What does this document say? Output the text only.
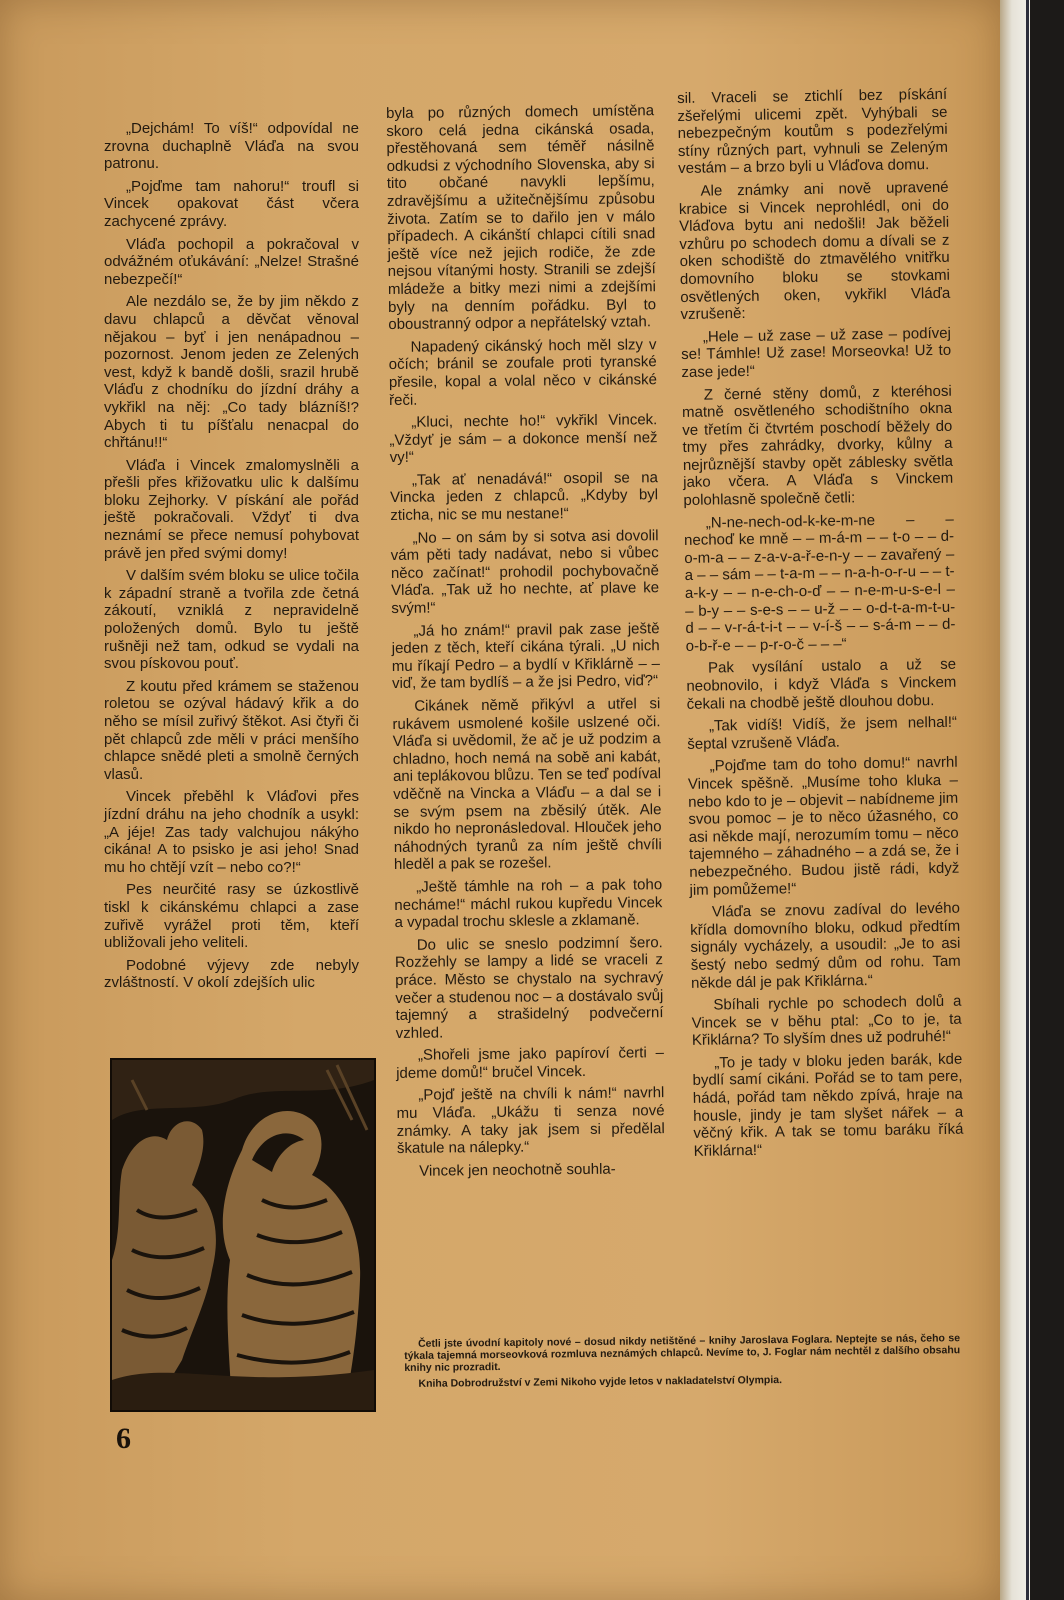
„Dejchám! To víš!“ odpovídal ne zrovna duchaplně Vláďa na svou patronu.

„Pojďme tam nahoru!“ troufl si Vincek opakovat část včera zachycené zprávy.

Vláďa pochopil a pokračoval v odvážném oťukávání: „Nelze! Strašné nebezpečí!“

Ale nezdálo se, že by jim někdo z davu chlapců a děvčat věnoval nějakou – byť i jen nenápadnou – pozornost. Jenom jeden ze Zelených vest, když k bandě došli, srazil hrubě Vláďu z chodníku do jízdní dráhy a vykřikl na něj: „Co tady blázníš!? Abych ti tu píšťalu nenacpal do chřtánu!!“

Vláďa i Vincek zmalomyslněli a přešli přes křižovatku ulic k dalšímu bloku Zejhorky. V pískání ale pořád ještě pokračovali. Vždyť ti dva neznámí se přece nemusí pohybovat právě jen před svými domy!

V dalším svém bloku se ulice točila k západní straně a tvořila zde četná zákoutí, vzniklá z nepravidelně položených domů. Bylo tu ještě rušněji než tam, odkud se vydali na svou pískovou pouť.

Z koutu před krámem se staženou roletou se ozýval hádavý křik a do něho se mísil zuřivý štěkot. Asi čtyři či pět chlapců zde měli v práci menšího chlapce snědé pleti a smolně černých vlasů.

Vincek přeběhl k Vláďovi přes jízdní dráhu na jeho chodník a usykl: „A jéje! Zas tady valchujou nákýho cikána! A to psisko je asi jeho! Snad mu ho chtějí vzít – nebo co?!“

Pes neurčité rasy se úzkostlivě tiskl k cikánskému chlapci a zase zuřivě vyrážel proti těm, kteří ubližovali jeho veliteli.

Podobné výjevy zde nebyly zvláštností. V okolí zdejších ulic

byla po různých domech umístěna skoro celá jedna cikánská osada, přestěhovaná sem téměř násilně odkudsi z východního Slovenska, aby si tito občané navykli lepšímu, zdravějšímu a užitečnějšímu způsobu života. Zatím se to dařilo jen v málo případech. A cikánští chlapci cítili snad ještě více než jejich rodiče, že zde nejsou vítanými hosty. Stranili se zdejší mládeže a bitky mezi nimi a zdejšími byly na denním pořádku. Byl to oboustranný odpor a nepřátelský vztah.

Napadený cikánský hoch měl slzy v očích; bránil se zoufale proti tyranské přesile, kopal a volal něco v cikánské řeči.

„Kluci, nechte ho!“ vykřikl Vincek. „Vždyť je sám – a dokonce menší než vy!“

„Tak ať nenadává!“ osopil se na Vincka jeden z chlapců. „Kdyby byl zticha, nic se mu nestane!“

„No – on sám by si sotva asi dovolil vám pěti tady nadávat, nebo si vůbec něco začínat!“ prohodil pochybovačně Vláďa. „Tak už ho nechte, ať plave ke svým!“

„Já ho znám!“ pravil pak zase ještě jeden z těch, kteří cikána týrali. „U nich mu říkají Pedro – a bydlí v Křiklárně – – viď, že tam bydlíš – a že jsi Pedro, viď?“

Cikánek němě přikývl a utřel si rukávem usmolené košile uslzené oči. Vláďa si uvědomil, že ač je už podzim a chladno, hoch nemá na sobě ani kabát, ani teplákovou blůzu. Ten se teď podíval vděčně na Vincka a Vláďu – a dal se i se svým psem na zběsilý útěk. Ale nikdo ho nepronásledoval. Hlouček jeho náhodných tyranů za ním ještě chvíli hleděl a pak se rozešel.

„Ještě támhle na roh – a pak toho necháme!“ máchl rukou kupředu Vincek a vypadal trochu sklesle a zklamaně.

Do ulic se sneslo podzimní šero. Rozžehly se lampy a lidé se vraceli z práce. Město se chystalo na sychravý večer a studenou noc – a dostávalo svůj tajemný a strašidelný podvečerní vzhled.

„Shořeli jsme jako papíroví čerti – jdeme domů!“ bručel Vincek.

„Pojď ještě na chvíli k nám!“ navrhl mu Vláďa. „Ukážu ti senza nové známky. A taky jak jsem si předělal škatule na nálepky.“

Vincek jen neochotně souhla-

sil. Vraceli se ztichlí bez pískání zšeřelými ulicemi zpět. Vyhýbali se nebezpečným koutům s podezřelými stíny různých part, vyhnuli se Zeleným vestám – a brzo byli u Vláďova domu.

Ale známky ani nově upravené krabice si Vincek neprohlédl, oni do Vláďova bytu ani nedošli! Jak běželi vzhůru po schodech domu a dívali se z oken schodiště do ztmavělého vnitřku domovního bloku se stovkami osvětlených oken, vykřikl Vláďa vzrušeně:

„Hele – už zase – už zase – podívej se! Támhle! Už zase! Morseovka! Už to zase jede!“

Z černé stěny domů, z kteréhosi matně osvětleného schodištního okna ve třetím či čtvrtém poschodí běžely do tmy přes zahrádky, dvorky, kůlny a nejrůznější stavby opět záblesky světla jako včera. A Vláďa s Vinckem polohlasně společně četli:

„N-ne-nech-od-k-ke-m-ne – – nechoď ke mně – – m-á-m – – t-o – – d-o-m-a – – z-a-v-a-ř-e-n-y – – zavařený – a – – sám – – t-a-m – – n-a-h-o-r-u – – t-a-k-y – – n-e-ch-o-ď – – n-e-m-u-s-e-l – – b-y – – s-e-s – – u-ž – – o-d-t-a-m-t-u-d – – v-r-á-t-i-t – – v-í-š – – s-á-m – – d-o-b-ř-e – – p-r-o-č – – –“

Pak vysílání ustalo a už se neobnovilo, i když Vláďa s Vinckem čekali na chodbě ještě dlouhou dobu.

„Tak vidíš! Vidíš, že jsem nelhal!“ šeptal vzrušeně Vláďa.

„Pojďme tam do toho domu!“ navrhl Vincek spěšně. „Musíme toho kluka – nebo kdo to je – objevit – nabídneme jim svou pomoc – je to něco úžasného, co asi někde mají, nerozumím tomu – něco tajemného – záhadného – a zdá se, že i nebezpečného. Budou jistě rádi, když jim pomůžeme!“

Vláďa se znovu zadíval do levého křídla domovního bloku, odkud předtím signály vycházely, a usoudil: „Je to asi šestý nebo sedmý dům od rohu. Tam někde dál je pak Křiklárna.“

Sbíhali rychle po schodech dolů a Vincek se v běhu ptal: „Co to je, ta Křiklárna? To slyším dnes už podruhé!“

„To je tady v bloku jeden barák, kde bydlí samí cikáni. Pořád se to tam pere, hádá, pořád tam někdo zpívá, hraje na housle, jindy je tam slyšet nářek – a věčný křik. A tak se tomu baráku říká Křiklárna!“

Četli jste úvodní kapitoly nové – dosud nikdy netištěné – knihy Jaroslava Foglara. Neptejte se nás, čeho se týkala tajemná morseovková rozmluva neznámých chlapců. Nevíme to, J. Foglar nám nechtěl z dalšího obsahu knihy nic prozradit.

Kniha Dobrodružství v Zemi Nikoho vyjde letos v nakladatelství Olympia.

6
